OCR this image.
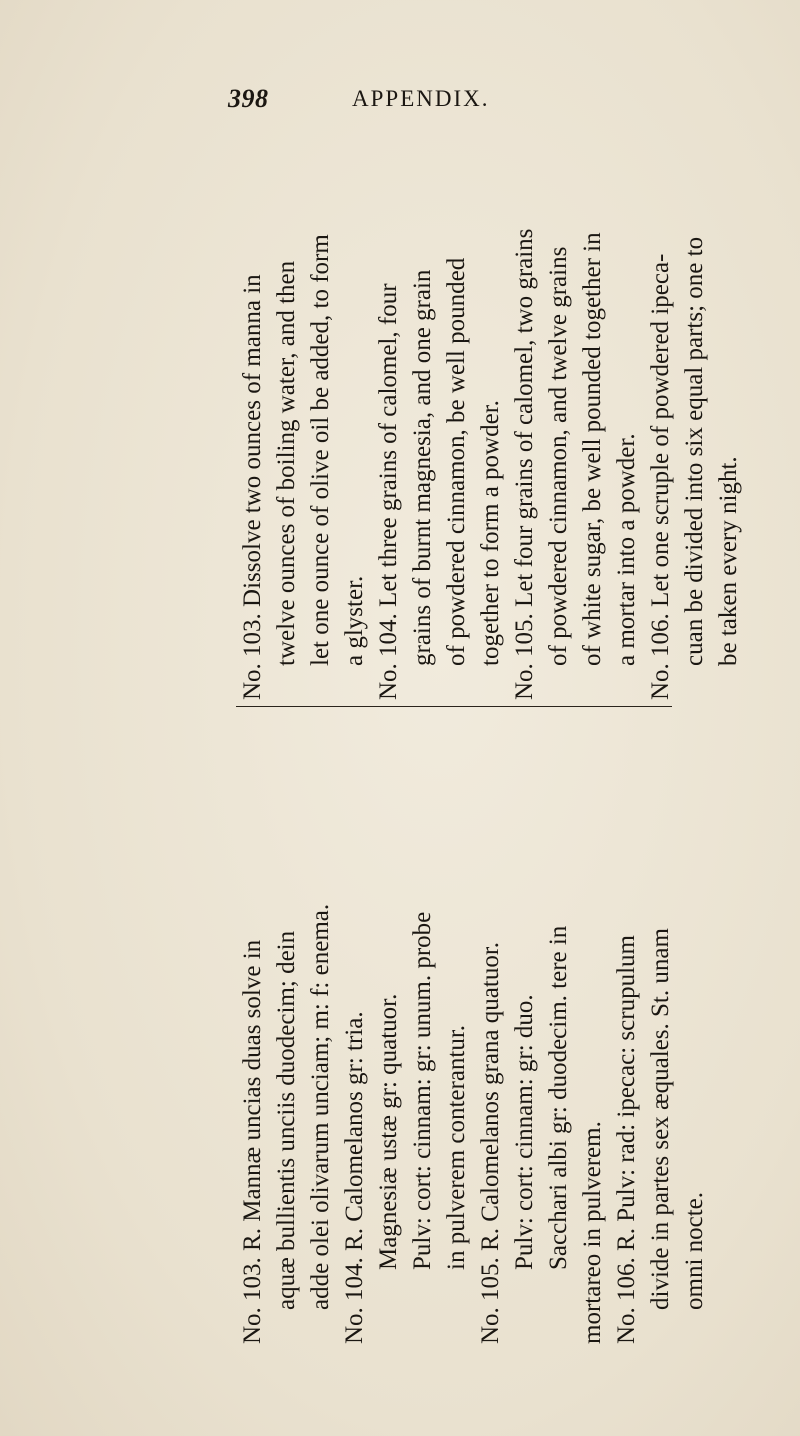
398	APPENDIX.
No. 103. Dissolve two ounces of manna in twelve ounces of boiling water, and then let one ounce of olive oil be added, to form a glyster. No. 104. Let three grains of calomel, four grains of burnt magnesia, and one grain of powdered cinnamon, be well pounded together to form a powder. No. 105. Let four grains of calomel, two grains of powdered cinnamon, and twelve grains of white sugar, be well pounded together in a mortar into a powder. No. 106. Let one scruple of powdered ipeca- cuan be divided into six equal parts; one to be taken every night.
No. 103. R. Mannæ uncias duas solve in aquæ bullientis unciis duodecim; dein adde olei olivarum unciam; m: f: enema. No. 104. R. Calomelanos gr: tria. Magnesiæ ustæ gr: quatuor. Pulv: cort: cinnam: gr: unum. probe in pulverem conterantur. No. 105. R. Calomelanos grana quatuor. Pulv: cort: cinnam: gr: duo. Sacchari albi gr: duodecim. tere in mortareo in pulverem. No. 106. R. Pulv: rad: ipecac: scrupulum divide in partes sex æquales. St. unam omni nocte.
